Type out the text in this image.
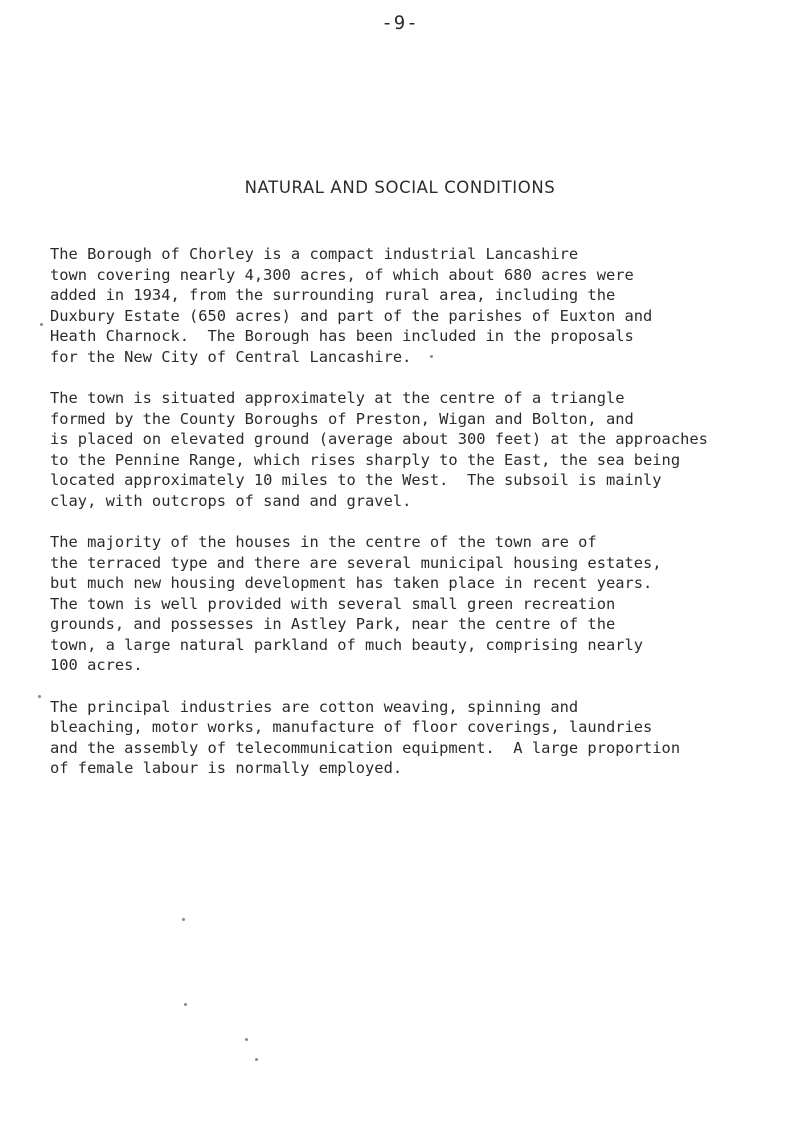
-9-
NATURAL AND SOCIAL CONDITIONS

The Borough of Chorley is a compact industrial Lancashire
town covering nearly 4,300 acres, of which about 680 acres were
added in 1934, from the surrounding rural area, including the
Duxbury Estate (650 acres) and part of the parishes of Euxton and
Heath Charnock.  The Borough has been included in the proposals
for the New City of Central Lancashire.

The town is situated approximately at the centre of a triangle
formed by the County Boroughs of Preston, Wigan and Bolton, and
is placed on elevated ground (average about 300 feet) at the approaches
to the Pennine Range, which rises sharply to the East, the sea being
located approximately 10 miles to the West.  The subsoil is mainly
clay, with outcrops of sand and gravel.

The majority of the houses in the centre of the town are of
the terraced type and there are several municipal housing estates,
but much new housing development has taken place in recent years.
The town is well provided with several small green recreation
grounds, and possesses in Astley Park, near the centre of the
town, a large natural parkland of much beauty, comprising nearly
100 acres.

The principal industries are cotton weaving, spinning and
bleaching, motor works, manufacture of floor coverings, laundries
and the assembly of telecommunication equipment.  A large proportion
of female labour is normally employed.
